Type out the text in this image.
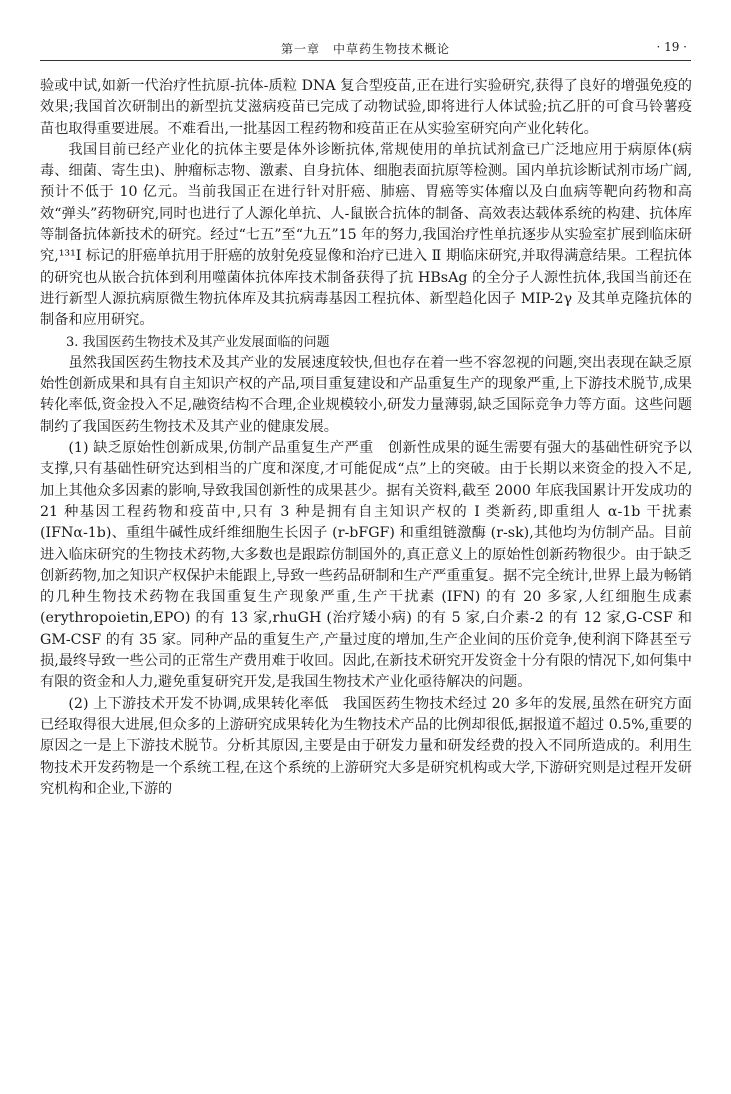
第一章　中草药生物技术概论	· 19 ·

验或中试,如新一代治疗性抗原-抗体-质粒 DNA 复合型疫苗,正在进行实验研究,获得了良好的增强免疫的效果;我国首次研制出的新型抗艾滋病疫苗已完成了动物试验,即将进行人体试验;抗乙肝的可食马铃薯疫苗也取得重要进展。不难看出,一批基因工程药物和疫苗正在从实验室研究向产业化转化。

我国目前已经产业化的抗体主要是体外诊断抗体,常规使用的单抗试剂盒已广泛地应用于病原体(病毒、细菌、寄生虫)、肿瘤标志物、激素、自身抗体、细胞表面抗原等检测。国内单抗诊断试剂市场广阔,预计不低于 10 亿元。当前我国正在进行针对肝癌、肺癌、胃癌等实体瘤以及白血病等靶向药物和高效“弹头”药物研究,同时也进行了人源化单抗、人-鼠嵌合抗体的制备、高效表达载体系统的构建、抗体库等制备抗体新技术的研究。经过“七五”至“九五”15 年的努力,我国治疗性单抗逐步从实验室扩展到临床研究,¹³¹I 标记的肝癌单抗用于肝癌的放射免疫显像和治疗已进入 Ⅱ 期临床研究,并取得满意结果。工程抗体的研究也从嵌合抗体到利用噬菌体抗体库技术制备获得了抗 HBsAg 的全分子人源性抗体,我国当前还在进行新型人源抗病原微生物抗体库及其抗病毒基因工程抗体、新型趋化因子 MIP-2γ 及其单克隆抗体的制备和应用研究。

3. 我国医药生物技术及其产业发展面临的问题

虽然我国医药生物技术及其产业的发展速度较快,但也存在着一些不容忽视的问题,突出表现在缺乏原始性创新成果和具有自主知识产权的产品,项目重复建设和产品重复生产的现象严重,上下游技术脱节,成果转化率低,资金投入不足,融资结构不合理,企业规模较小,研发力量薄弱,缺乏国际竞争力等方面。这些问题制约了我国医药生物技术及其产业的健康发展。

(1) 缺乏原始性创新成果,仿制产品重复生产严重　创新性成果的诞生需要有强大的基础性研究予以支撑,只有基础性研究达到相当的广度和深度,才可能促成“点”上的突破。由于长期以来资金的投入不足,加上其他众多因素的影响,导致我国创新性的成果甚少。据有关资料,截至 2000 年底我国累计开发成功的 21 种基因工程药物和疫苗中,只有 3 种是拥有自主知识产权的 I 类新药,即重组人 α-1b 干扰素 (IFNα-1b)、重组牛碱性成纤维细胞生长因子 (r-bFGF) 和重组链激酶 (r-sk),其他均为仿制产品。目前进入临床研究的生物技术药物,大多数也是跟踪仿制国外的,真正意义上的原始性创新药物很少。由于缺乏创新药物,加之知识产权保护未能跟上,导致一些药品研制和生产严重重复。据不完全统计,世界上最为畅销的几种生物技术药物在我国重复生产现象严重,生产干扰素 (IFN) 的有 20 多家,人红细胞生成素 (erythropoietin,EPO) 的有 13 家,rhuGH (治疗矮小病) 的有 5 家,白介素-2 的有 12 家,G-CSF 和 GM-CSF 的有 35 家。同种产品的重复生产,产量过度的增加,生产企业间的压价竞争,使利润下降甚至亏损,最终导致一些公司的正常生产费用难于收回。因此,在新技术研究开发资金十分有限的情况下,如何集中有限的资金和人力,避免重复研究开发,是我国生物技术产业化亟待解决的问题。

(2) 上下游技术开发不协调,成果转化率低　我国医药生物技术经过 20 多年的发展,虽然在研究方面已经取得很大进展,但众多的上游研究成果转化为生物技术产品的比例却很低,据报道不超过 0.5%,重要的原因之一是上下游技术脱节。分析其原因,主要是由于研发力量和研发经费的投入不同所造成的。利用生物技术开发药物是一个系统工程,在这个系统的上游研究大多是研究机构或大学,下游研究则是过程开发研究机构和企业,下游的
